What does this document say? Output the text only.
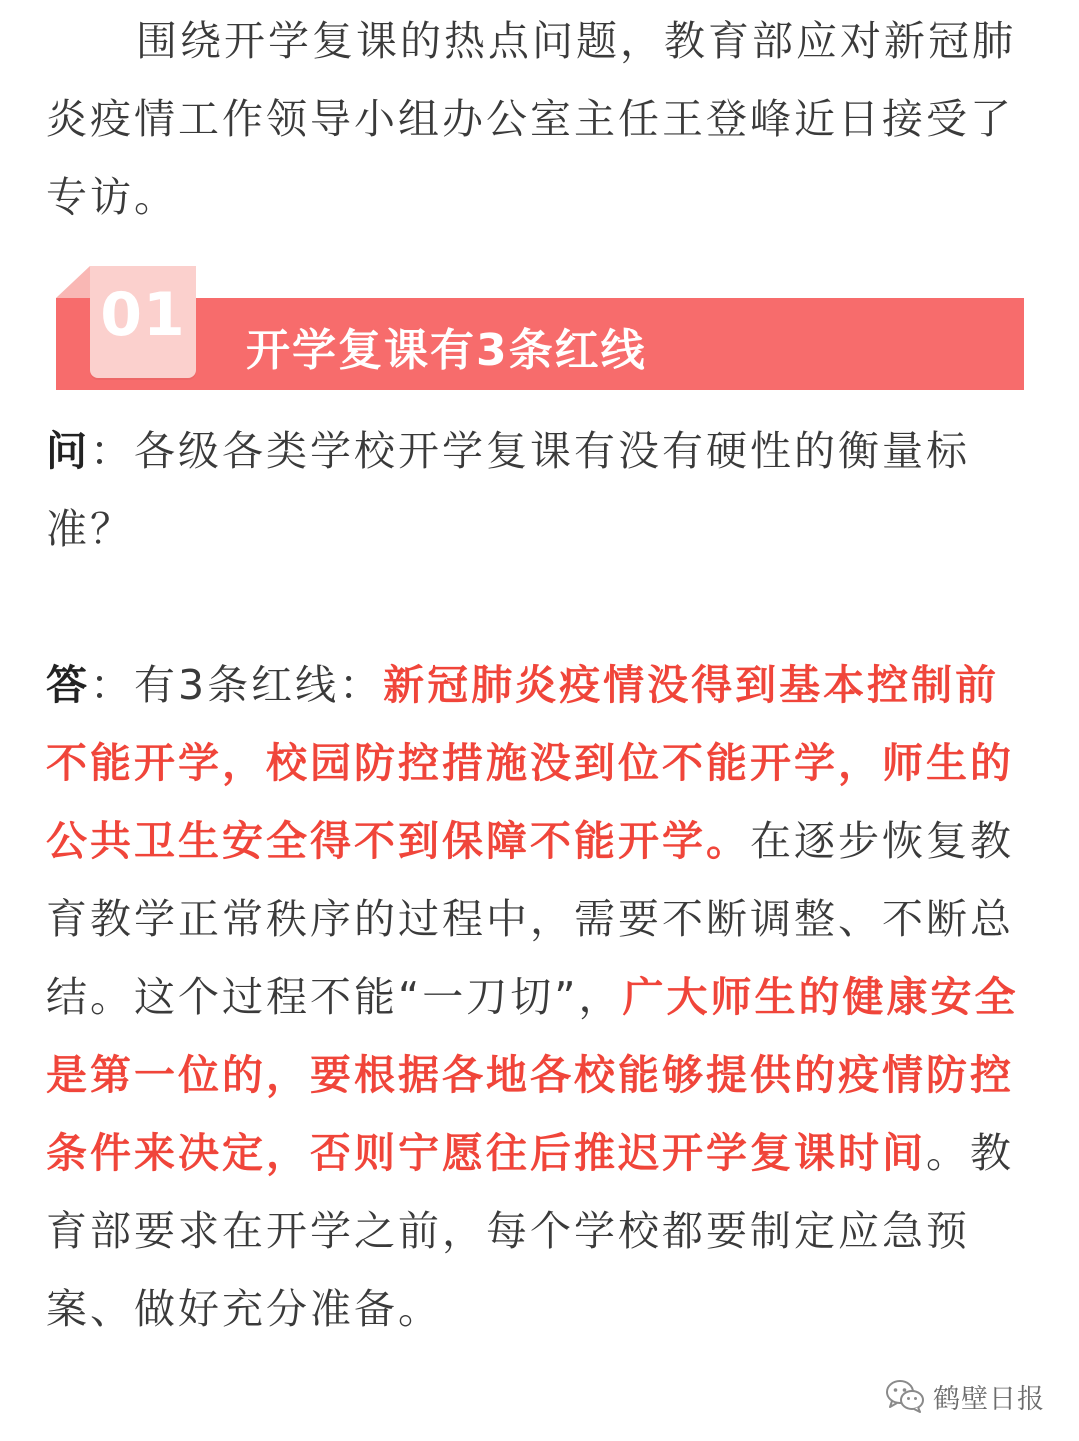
围绕开学复课的热点问题，教育部应对新冠肺炎疫情工作领导小组办公室主任王登峰近日接受了专访。

01
开学复课有3条红线

问：各级各类学校开学复课有没有硬性的衡量标准？

答：有3条红线：新冠肺炎疫情没得到基本控制前不能开学，校园防控措施没到位不能开学，师生的公共卫生安全得不到保障不能开学。在逐步恢复教育教学正常秩序的过程中，需要不断调整、不断总结。这个过程不能“一刀切”，广大师生的健康安全是第一位的，要根据各地各校能够提供的疫情防控条件来决定，否则宁愿往后推迟开学复课时间。教育部要求在开学之前，每个学校都要制定应急预案、做好充分准备。

鹤壁日报
